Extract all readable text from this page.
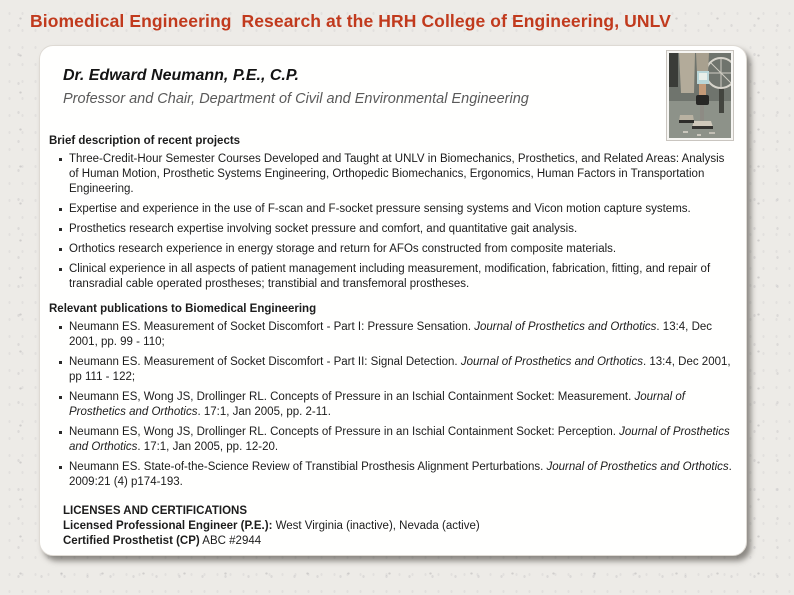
Biomedical Engineering  Research at the HRH College of Engineering, UNLV
Dr. Edward Neumann, P.E., C.P.
Professor and Chair, Department of Civil and Environmental Engineering
Brief description of recent projects
Three-Credit-Hour Semester Courses Developed and Taught at UNLV in Biomechanics, Prosthetics, and Related Areas: Analysis of Human Motion, Prosthetic Systems Engineering, Orthopedic Biomechanics, Ergonomics, Human Factors in Transportation Engineering.
Expertise and experience in the use of F-scan and F-socket pressure sensing systems and Vicon motion capture systems.
Prosthetics research expertise involving socket pressure and comfort, and quantitative gait analysis.
Orthotics research experience in energy storage and return for AFOs constructed from composite materials.
Clinical experience in all aspects of patient management including measurement, modification, fabrication, fitting, and repair of transradial cable operated prostheses; transtibial and transfemoral prostheses.
Relevant publications to Biomedical Engineering
Neumann ES. Measurement of Socket Discomfort - Part I: Pressure Sensation. Journal of Prosthetics and Orthotics. 13:4, Dec 2001, pp. 99 - 110;
Neumann ES. Measurement of Socket Discomfort - Part II: Signal Detection. Journal of Prosthetics and Orthotics. 13:4, Dec 2001, pp 111 - 122;
Neumann ES, Wong JS, Drollinger RL. Concepts of Pressure in an Ischial Containment Socket: Measurement. Journal of Prosthetics and Orthotics. 17:1, Jan 2005, pp. 2-11.
Neumann ES, Wong JS, Drollinger RL. Concepts of Pressure in an Ischial Containment Socket: Perception. Journal of Prosthetics and Orthotics. 17:1, Jan 2005, pp. 12-20.
Neumann ES. State-of-the-Science Review of Transtibial Prosthesis Alignment Perturbations. Journal of Prosthetics and Orthotics. 2009:21 (4) p174-193.
LICENSES AND CERTIFICATIONS
Licensed Professional Engineer (P.E.): West Virginia (inactive), Nevada (active)
Certified Prosthetist (CP) ABC #2944
